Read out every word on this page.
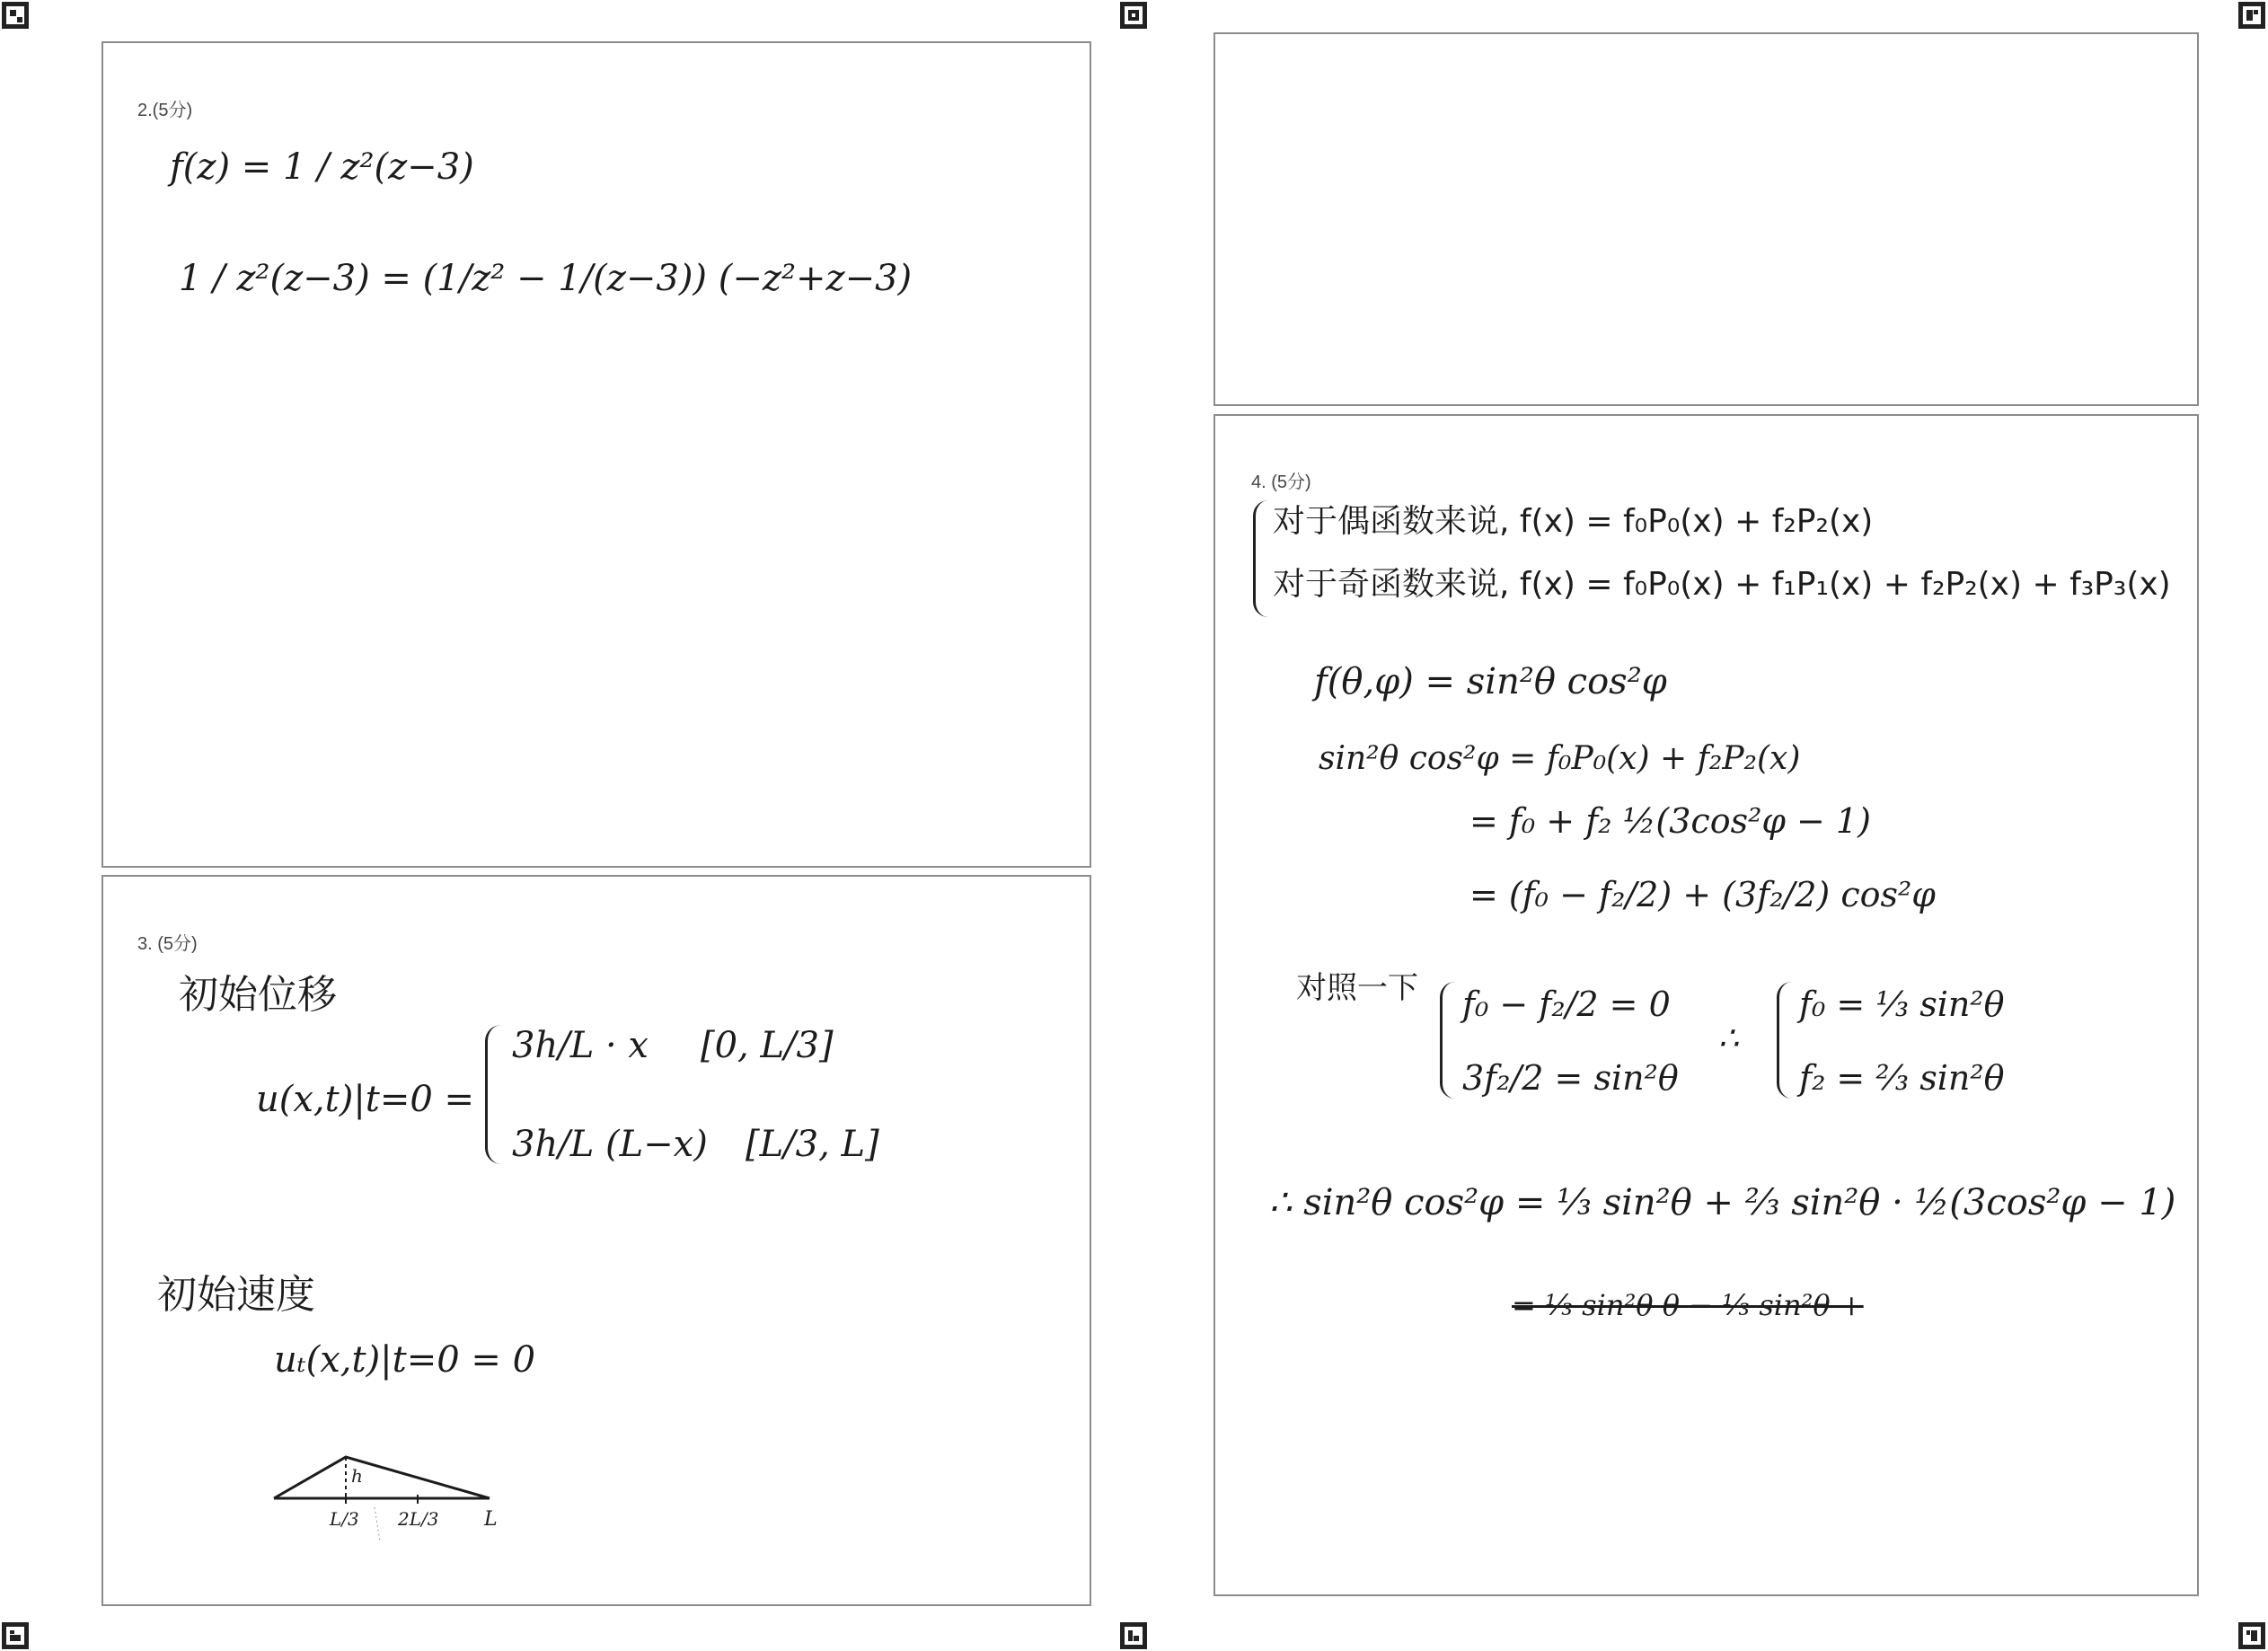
2.(5分)
f(z) = 1 / z²(z−3)
1 / z²(z−3) = (1/z² − 1/(z−3)) (−z²+z−3)
3. (5分)
初始位移
u(x,t)|t=0 =
3h/L · x [0, L/3]
3h/L (L−x) [L/3, L]
初始速度
uₜ(x,t)|t=0 = 0
h
L/3 2L/3 L
4. (5分)
对于偶函数来说, f(x) = f₀P₀(x) + f₂P₂(x)
对于奇函数来说, f(x) = f₀P₀(x) + f₁P₁(x) + f₂P₂(x) + f₃P₃(x)
f(θ,φ) = sin²θ cos²φ
sin²θ cos²φ = f₀P₀(x) + f₂P₂(x)
= f₀ + f₂ ½(3cos²φ − 1)
= (f₀ − f₂/2) + (3f₂/2) cos²φ
对照一下 f₀ − f₂/2 = 0
3f₂/2 = sin²θ
∴
f₀ = ⅓ sin²θ
f₂ = ⅔ sin²θ
∴ sin²θ cos²φ = ⅓ sin²θ + ⅔ sin²θ · ½(3cos²φ − 1)
= ⅓ sin²θ θ − ⅓ sin²θ +
